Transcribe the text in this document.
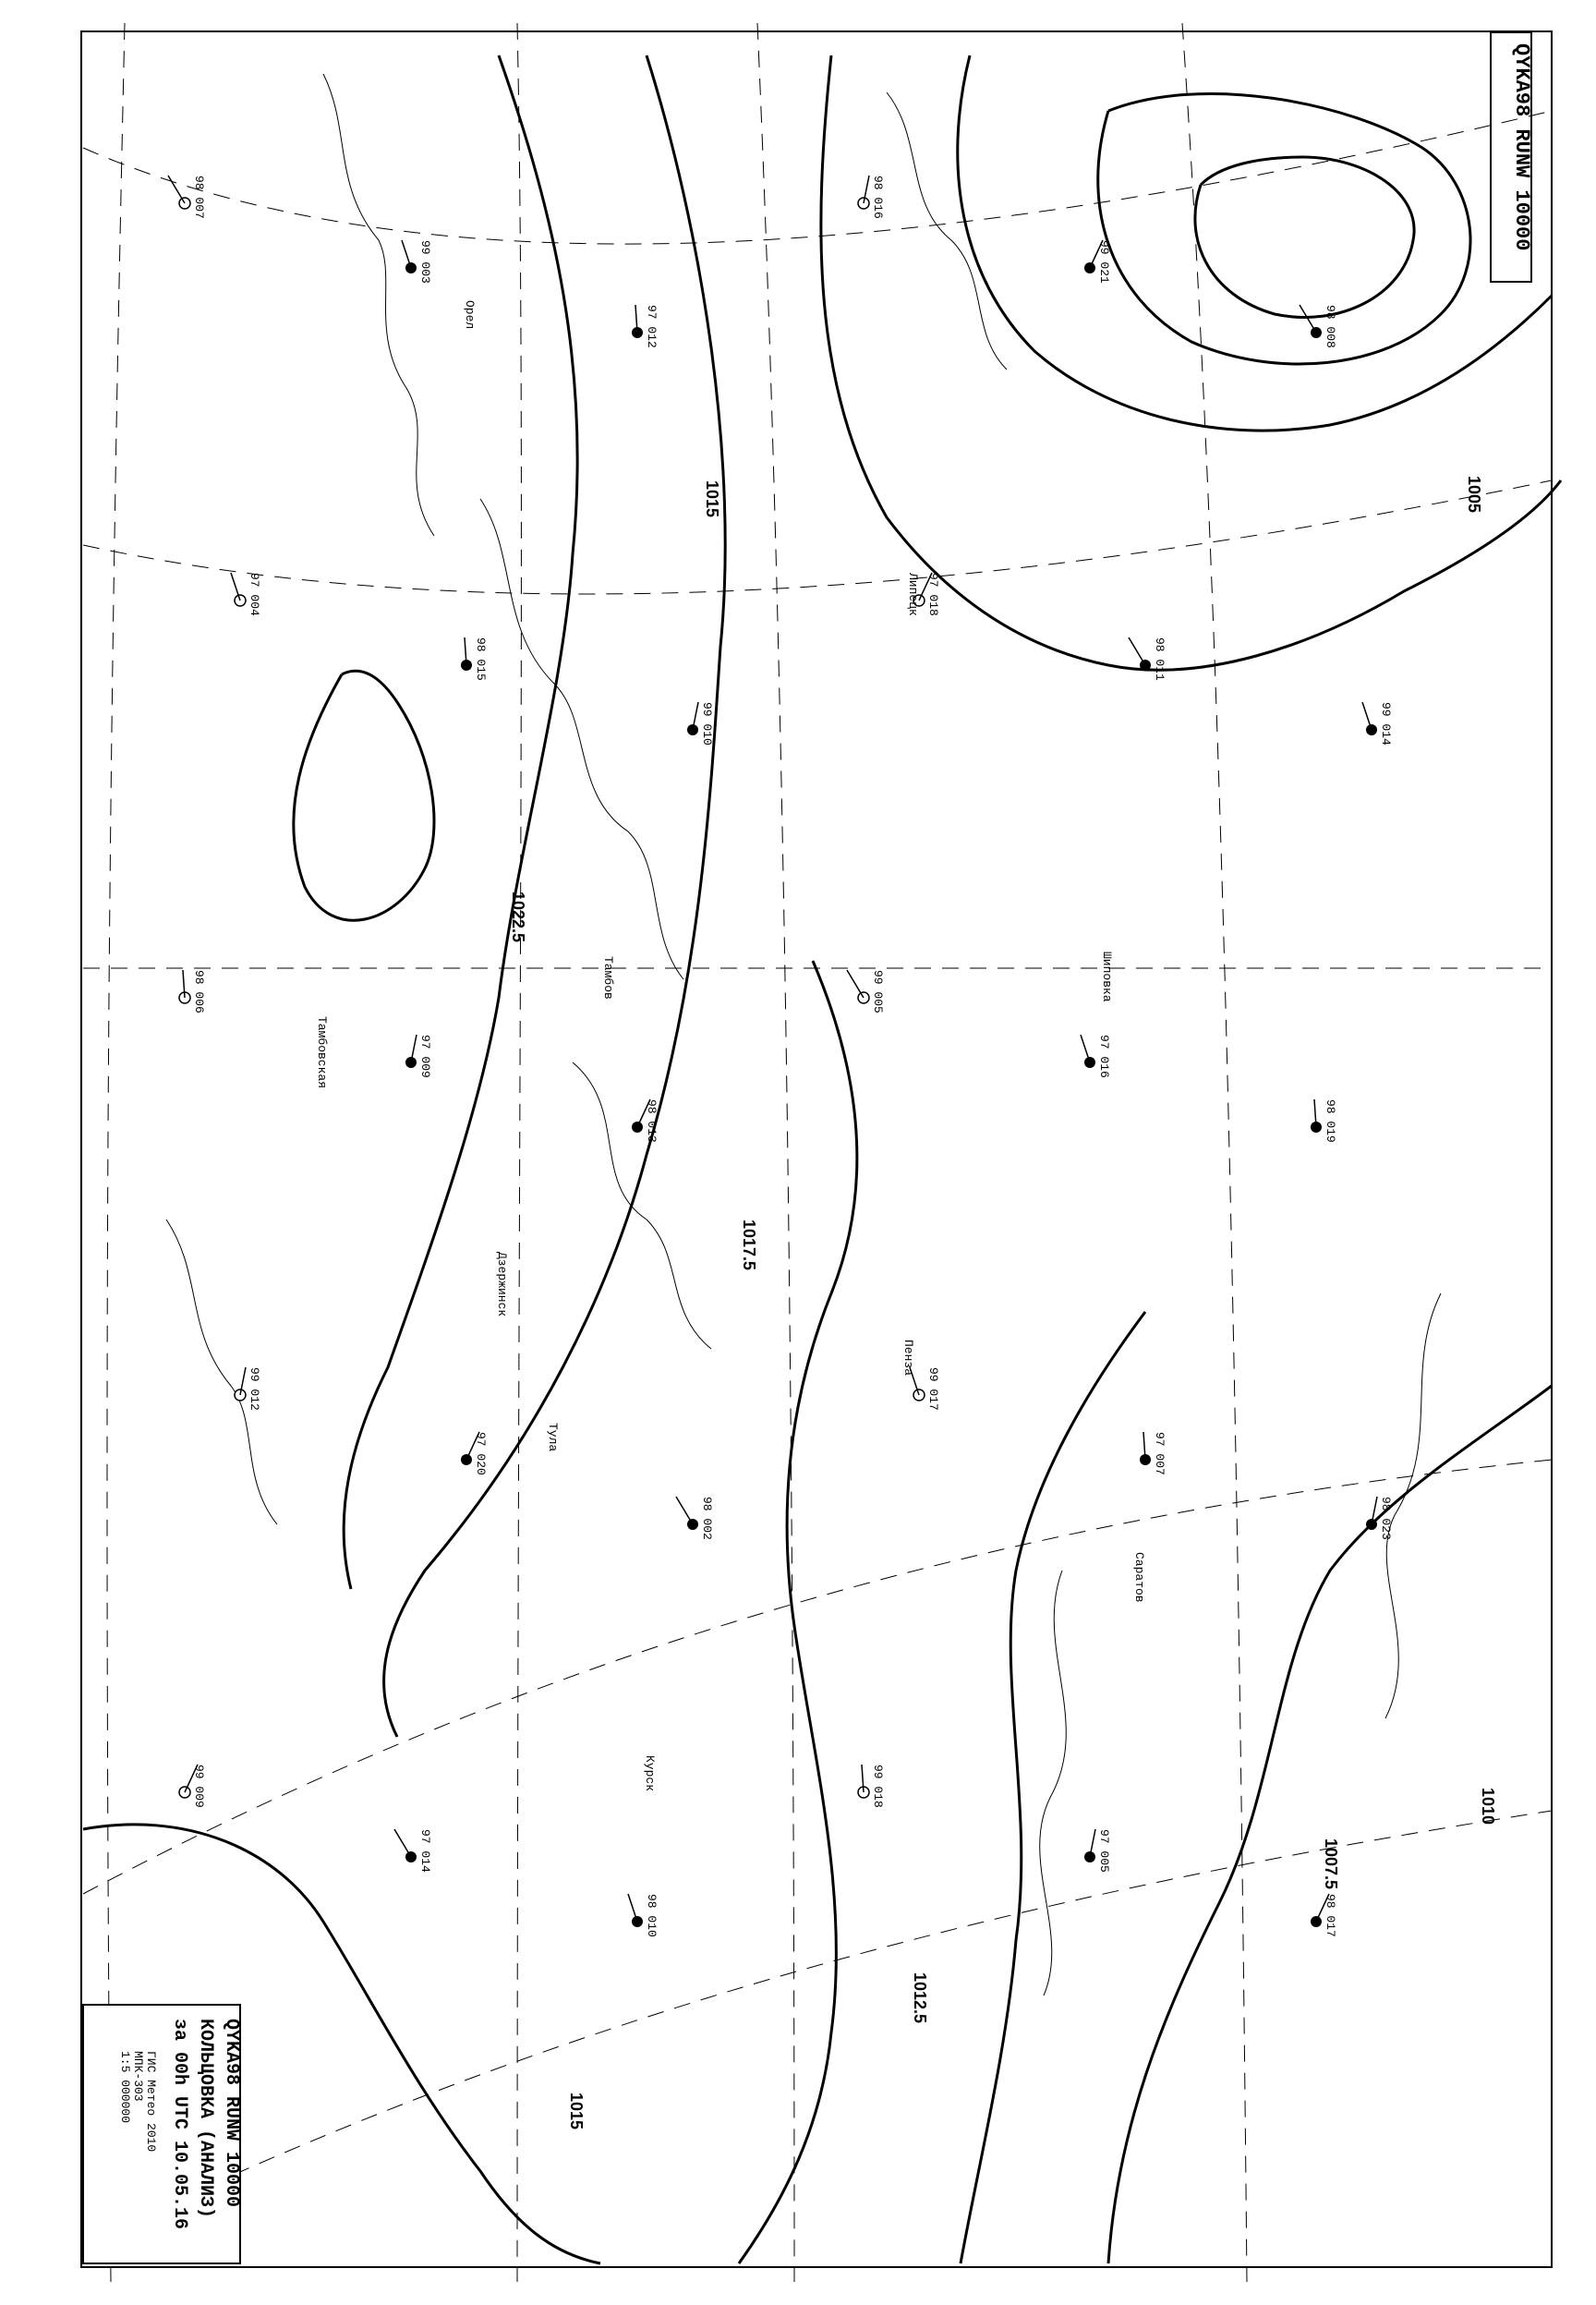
QYKA98 RUNW 10000
1022.5
1015
1017.5
1010
1007.5
1005
1012.5
1015
98 007
99 003
97 012
98 016
99 021
98 008
97 004
98 015
99 010
97 018
98 011
99 014
98 006
97 009
98 013
99 005
97 016
98 019
99 012
97 020
98 002
99 017
97 007
98 023
99 009
97 014
98 010
99 018
97 005
98 017
Орел
Липецк
Тамбов
Дзержинск
Тула
Курск
Пенза
Саратов
Шиповка
Тамбовская
QYKA98 RUNW 10000
КОЛЬЦОВКА (АНАЛИЗ)
за 00h UTC 10.05.16
ГИС Метео 2010
МПК-303
1:5 000000
